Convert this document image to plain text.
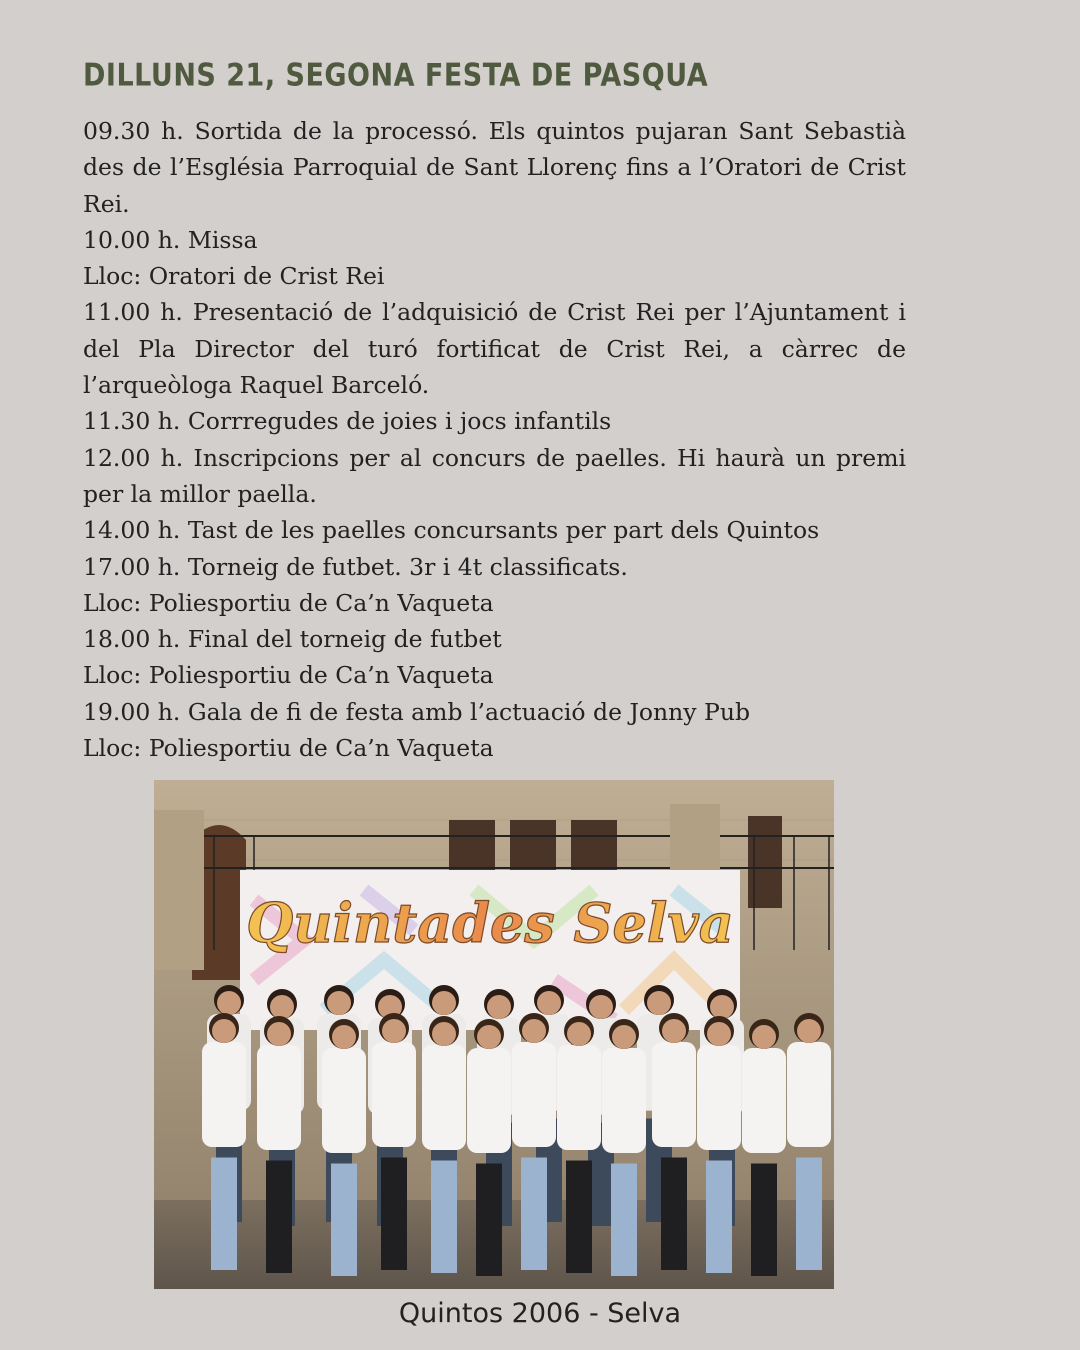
DILLUNS 21, SEGONA FESTA DE PASQUA

09.30 h. Sortida de la processó. Els quintos pujaran Sant Sebastià des de l’Església Parroquial de Sant Llorenç fins a l’Oratori de Crist Rei.

10.00 h. Missa

Lloc: Oratori de Crist Rei

11.00 h. Presentació de l’adquisició de Crist Rei per l’Ajuntament i del Pla Director del turó fortificat de Crist Rei, a càrrec de l’arqueòloga Raquel Barceló.

11.30 h. Corrregudes de joies i jocs infantils

12.00 h. Inscripcions per al concurs de paelles. Hi haurà un premi per la millor paella.

14.00 h. Tast de les paelles concursants per part dels Quintos

17.00 h. Torneig de futbet. 3r i 4t classificats.

Lloc: Poliesportiu de Ca’n Vaqueta

18.00 h. Final del torneig de futbet

Lloc: Poliesportiu de Ca’n Vaqueta

19.00 h. Gala de fi de festa amb l’actuació de Jonny Pub

Lloc: Poliesportiu de Ca’n Vaqueta

Quintades Selva
Quintos 2006 - Selva
